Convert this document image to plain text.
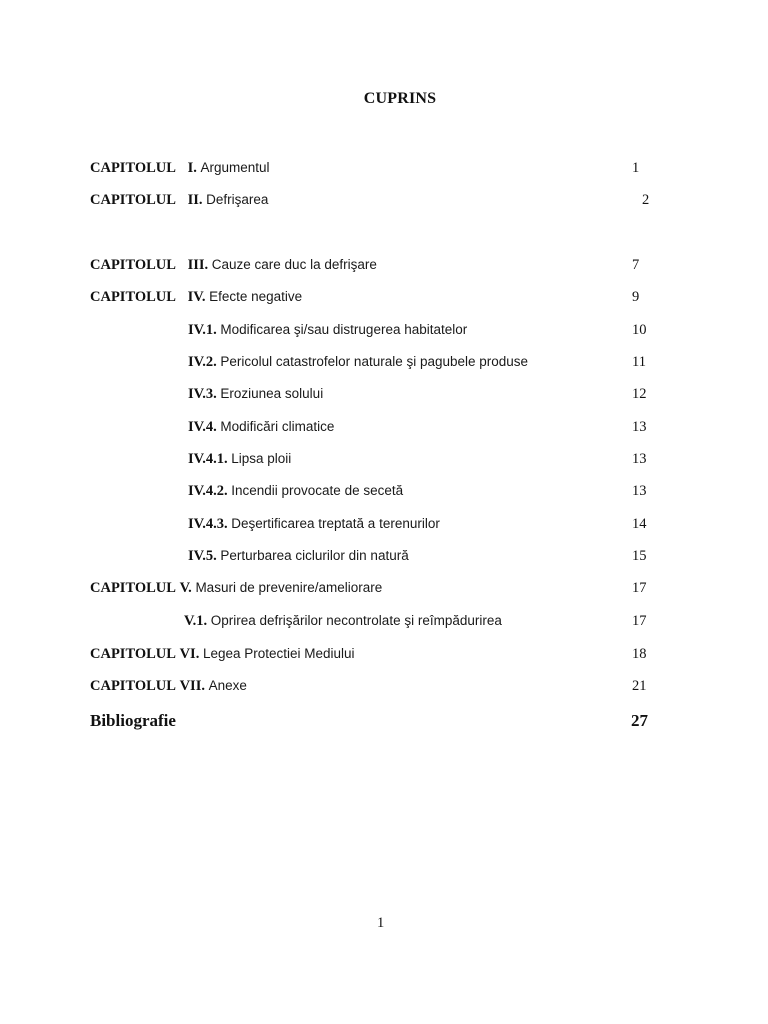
CUPRINS
CAPITOLUL I. Argumentul	1
CAPITOLUL II. Defrişarea	2
CAPITOLUL III. Cauze care duc la defrişare	7
CAPITOLUL IV. Efecte negative	9
IV.1. Modificarea şi/sau distrugerea habitatelor	10
IV.2. Pericolul catastrofelor naturale şi pagubele produse	11
IV.3. Eroziunea solului	12
IV.4. Modificări climatice	13
IV.4.1. Lipsa ploii	13
IV.4.2. Incendii provocate de secetă	13
IV.4.3. Deşertificarea treptată a terenurilor	14
IV.5. Perturbarea ciclurilor din natură	15
CAPITOLUL V. Masuri de prevenire/ameliorare	17
V.1. Oprirea defrişărilor necontrolate şi reîmpădurirea	17
CAPITOLUL VI. Legea Protectiei Mediului	18
CAPITOLUL VII. Anexe	21
Bibliografie	27
1
